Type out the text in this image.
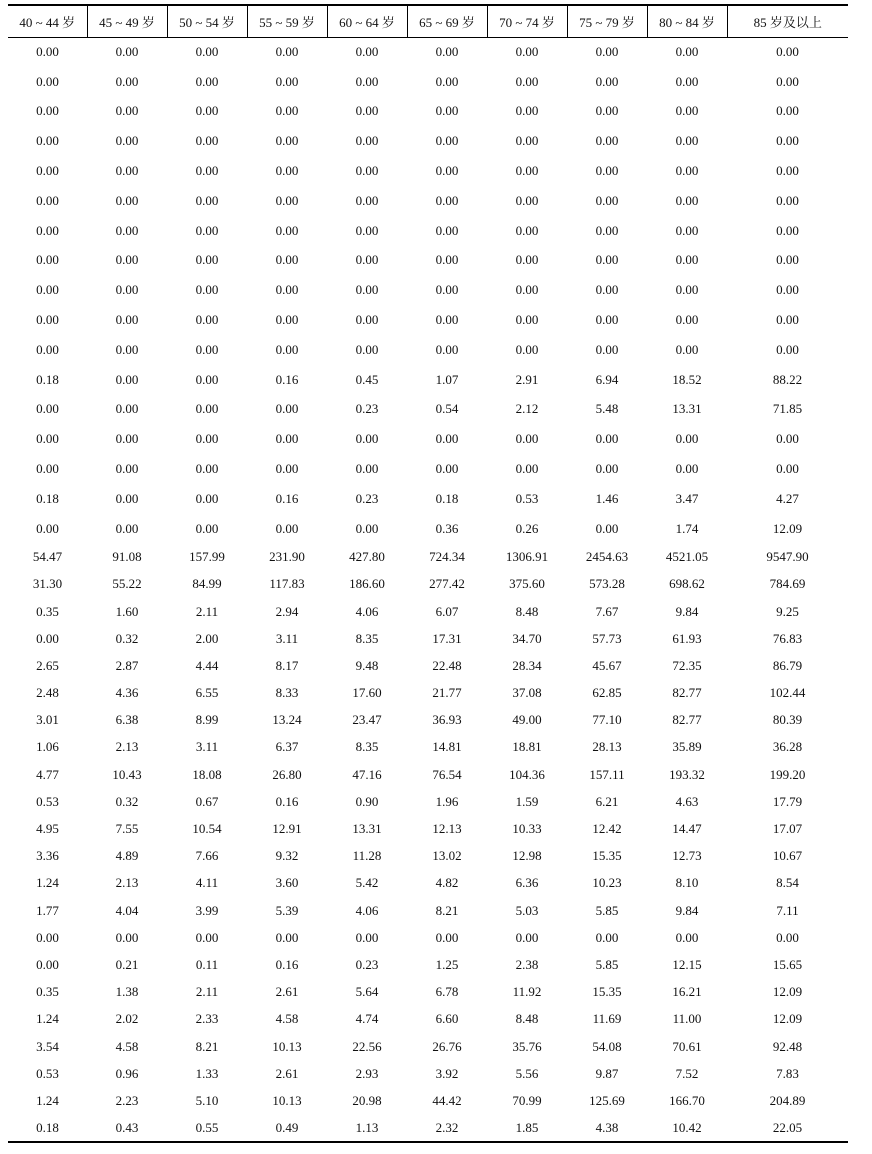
40 ~ 44 岁	45 ~ 49 岁	50 ~ 54 岁	55 ~ 59 岁	60 ~ 64 岁	65 ~ 69 岁	70 ~ 74 岁	75 ~ 79 岁	80 ~ 84 岁	85 岁及以上
0.00	0.00	0.00	0.00	0.00	0.00	0.00	0.00	0.00	0.00
0.00	0.00	0.00	0.00	0.00	0.00	0.00	0.00	0.00	0.00
0.00	0.00	0.00	0.00	0.00	0.00	0.00	0.00	0.00	0.00
0.00	0.00	0.00	0.00	0.00	0.00	0.00	0.00	0.00	0.00
0.00	0.00	0.00	0.00	0.00	0.00	0.00	0.00	0.00	0.00
0.00	0.00	0.00	0.00	0.00	0.00	0.00	0.00	0.00	0.00
0.00	0.00	0.00	0.00	0.00	0.00	0.00	0.00	0.00	0.00
0.00	0.00	0.00	0.00	0.00	0.00	0.00	0.00	0.00	0.00
0.00	0.00	0.00	0.00	0.00	0.00	0.00	0.00	0.00	0.00
0.00	0.00	0.00	0.00	0.00	0.00	0.00	0.00	0.00	0.00
0.00	0.00	0.00	0.00	0.00	0.00	0.00	0.00	0.00	0.00
0.18	0.00	0.00	0.16	0.45	1.07	2.91	6.94	18.52	88.22
0.00	0.00	0.00	0.00	0.23	0.54	2.12	5.48	13.31	71.85
0.00	0.00	0.00	0.00	0.00	0.00	0.00	0.00	0.00	0.00
0.00	0.00	0.00	0.00	0.00	0.00	0.00	0.00	0.00	0.00
0.18	0.00	0.00	0.16	0.23	0.18	0.53	1.46	3.47	4.27
0.00	0.00	0.00	0.00	0.00	0.36	0.26	0.00	1.74	12.09
54.47	91.08	157.99	231.90	427.80	724.34	1306.91	2454.63	4521.05	9547.90
31.30	55.22	84.99	117.83	186.60	277.42	375.60	573.28	698.62	784.69
0.35	1.60	2.11	2.94	4.06	6.07	8.48	7.67	9.84	9.25
0.00	0.32	2.00	3.11	8.35	17.31	34.70	57.73	61.93	76.83
2.65	2.87	4.44	8.17	9.48	22.48	28.34	45.67	72.35	86.79
2.48	4.36	6.55	8.33	17.60	21.77	37.08	62.85	82.77	102.44
3.01	6.38	8.99	13.24	23.47	36.93	49.00	77.10	82.77	80.39
1.06	2.13	3.11	6.37	8.35	14.81	18.81	28.13	35.89	36.28
4.77	10.43	18.08	26.80	47.16	76.54	104.36	157.11	193.32	199.20
0.53	0.32	0.67	0.16	0.90	1.96	1.59	6.21	4.63	17.79
4.95	7.55	10.54	12.91	13.31	12.13	10.33	12.42	14.47	17.07
3.36	4.89	7.66	9.32	11.28	13.02	12.98	15.35	12.73	10.67
1.24	2.13	4.11	3.60	5.42	4.82	6.36	10.23	8.10	8.54
1.77	4.04	3.99	5.39	4.06	8.21	5.03	5.85	9.84	7.11
0.00	0.00	0.00	0.00	0.00	0.00	0.00	0.00	0.00	0.00
0.00	0.21	0.11	0.16	0.23	1.25	2.38	5.85	12.15	15.65
0.35	1.38	2.11	2.61	5.64	6.78	11.92	15.35	16.21	12.09
1.24	2.02	2.33	4.58	4.74	6.60	8.48	11.69	11.00	12.09
3.54	4.58	8.21	10.13	22.56	26.76	35.76	54.08	70.61	92.48
0.53	0.96	1.33	2.61	2.93	3.92	5.56	9.87	7.52	7.83
1.24	2.23	5.10	10.13	20.98	44.42	70.99	125.69	166.70	204.89
0.18	0.43	0.55	0.49	1.13	2.32	1.85	4.38	10.42	22.05
